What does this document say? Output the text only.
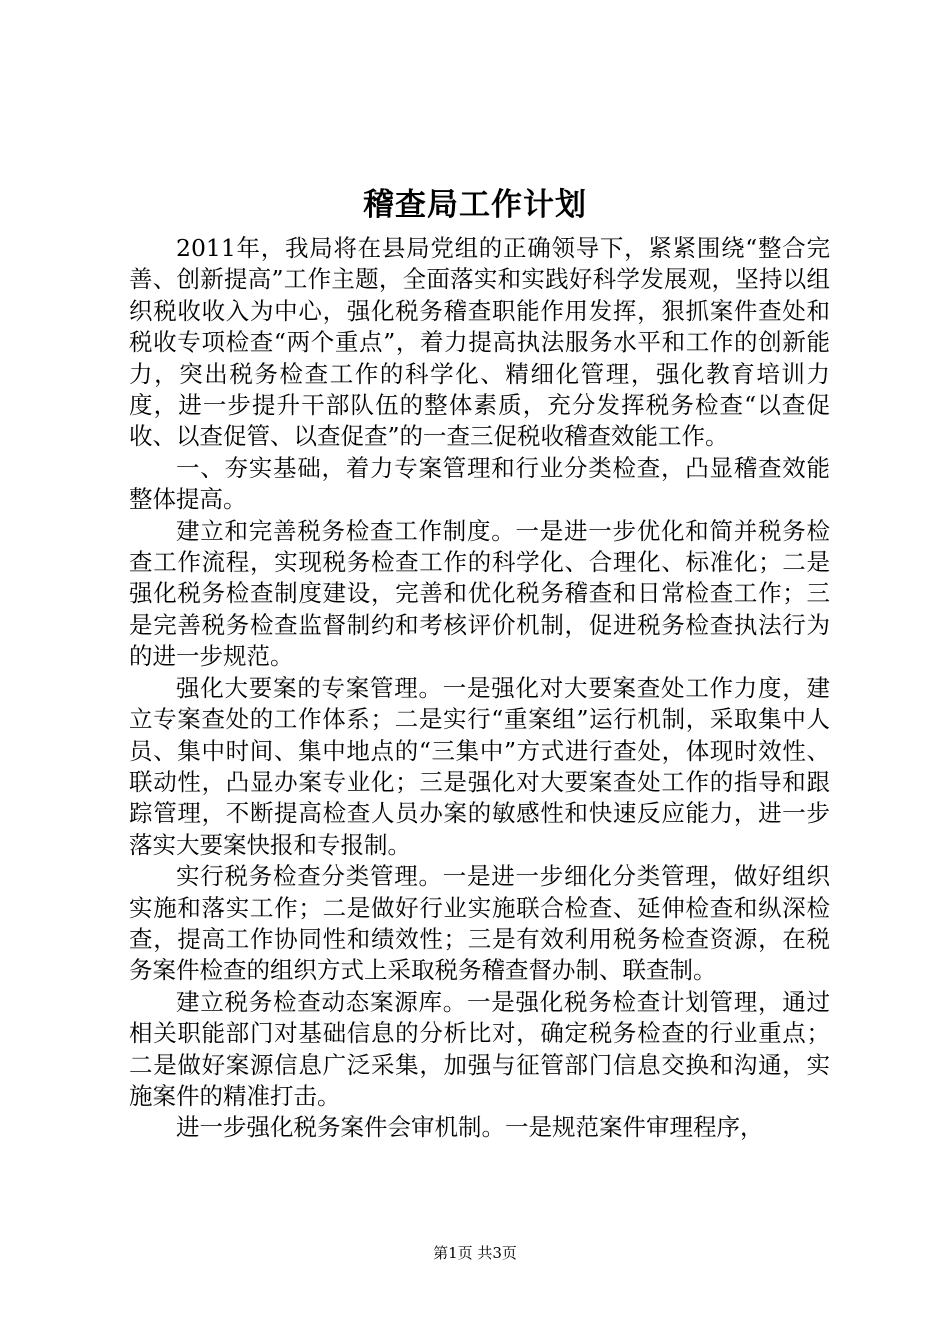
稽查局工作计划

2011年，我局将在县局党组的正确领导下，紧紧围绕“整合完善、创新提高”工作主题，全面落实和实践好科学发展观，坚持以组织税收收入为中心，强化税务稽查职能作用发挥，狠抓案件查处和税收专项检查“两个重点”，着力提高执法服务水平和工作的创新能力，突出税务检查工作的科学化、精细化管理，强化教育培训力度，进一步提升干部队伍的整体素质，充分发挥税务检查“以查促收、以查促管、以查促查”的一查三促税收稽查效能工作。

一、夯实基础，着力专案管理和行业分类检查，凸显稽查效能整体提高。

建立和完善税务检查工作制度。一是进一步优化和简并税务检查工作流程，实现税务检查工作的科学化、合理化、标准化；二是强化税务检查制度建设，完善和优化税务稽查和日常检查工作；三是完善税务检查监督制约和考核评价机制，促进税务检查执法行为的进一步规范。

强化大要案的专案管理。一是强化对大要案查处工作力度，建立专案查处的工作体系；二是实行“重案组”运行机制，采取集中人员、集中时间、集中地点的“三集中”方式进行查处，体现时效性、联动性，凸显办案专业化；三是强化对大要案查处工作的指导和跟踪管理，不断提高检查人员办案的敏感性和快速反应能力，进一步落实大要案快报和专报制。

实行税务检查分类管理。一是进一步细化分类管理，做好组织实施和落实工作；二是做好行业实施联合检查、延伸检查和纵深检查，提高工作协同性和绩效性；三是有效利用税务检查资源，在税务案件检查的组织方式上采取税务稽查督办制、联查制。

建立税务检查动态案源库。一是强化税务检查计划管理，通过相关职能部门对基础信息的分析比对，确定税务检查的行业重点；二是做好案源信息广泛采集，加强与征管部门信息交换和沟通，实施案件的精准打击。

进一步强化税务案件会审机制。一是规范案件审理程序，

第1页 共3页
